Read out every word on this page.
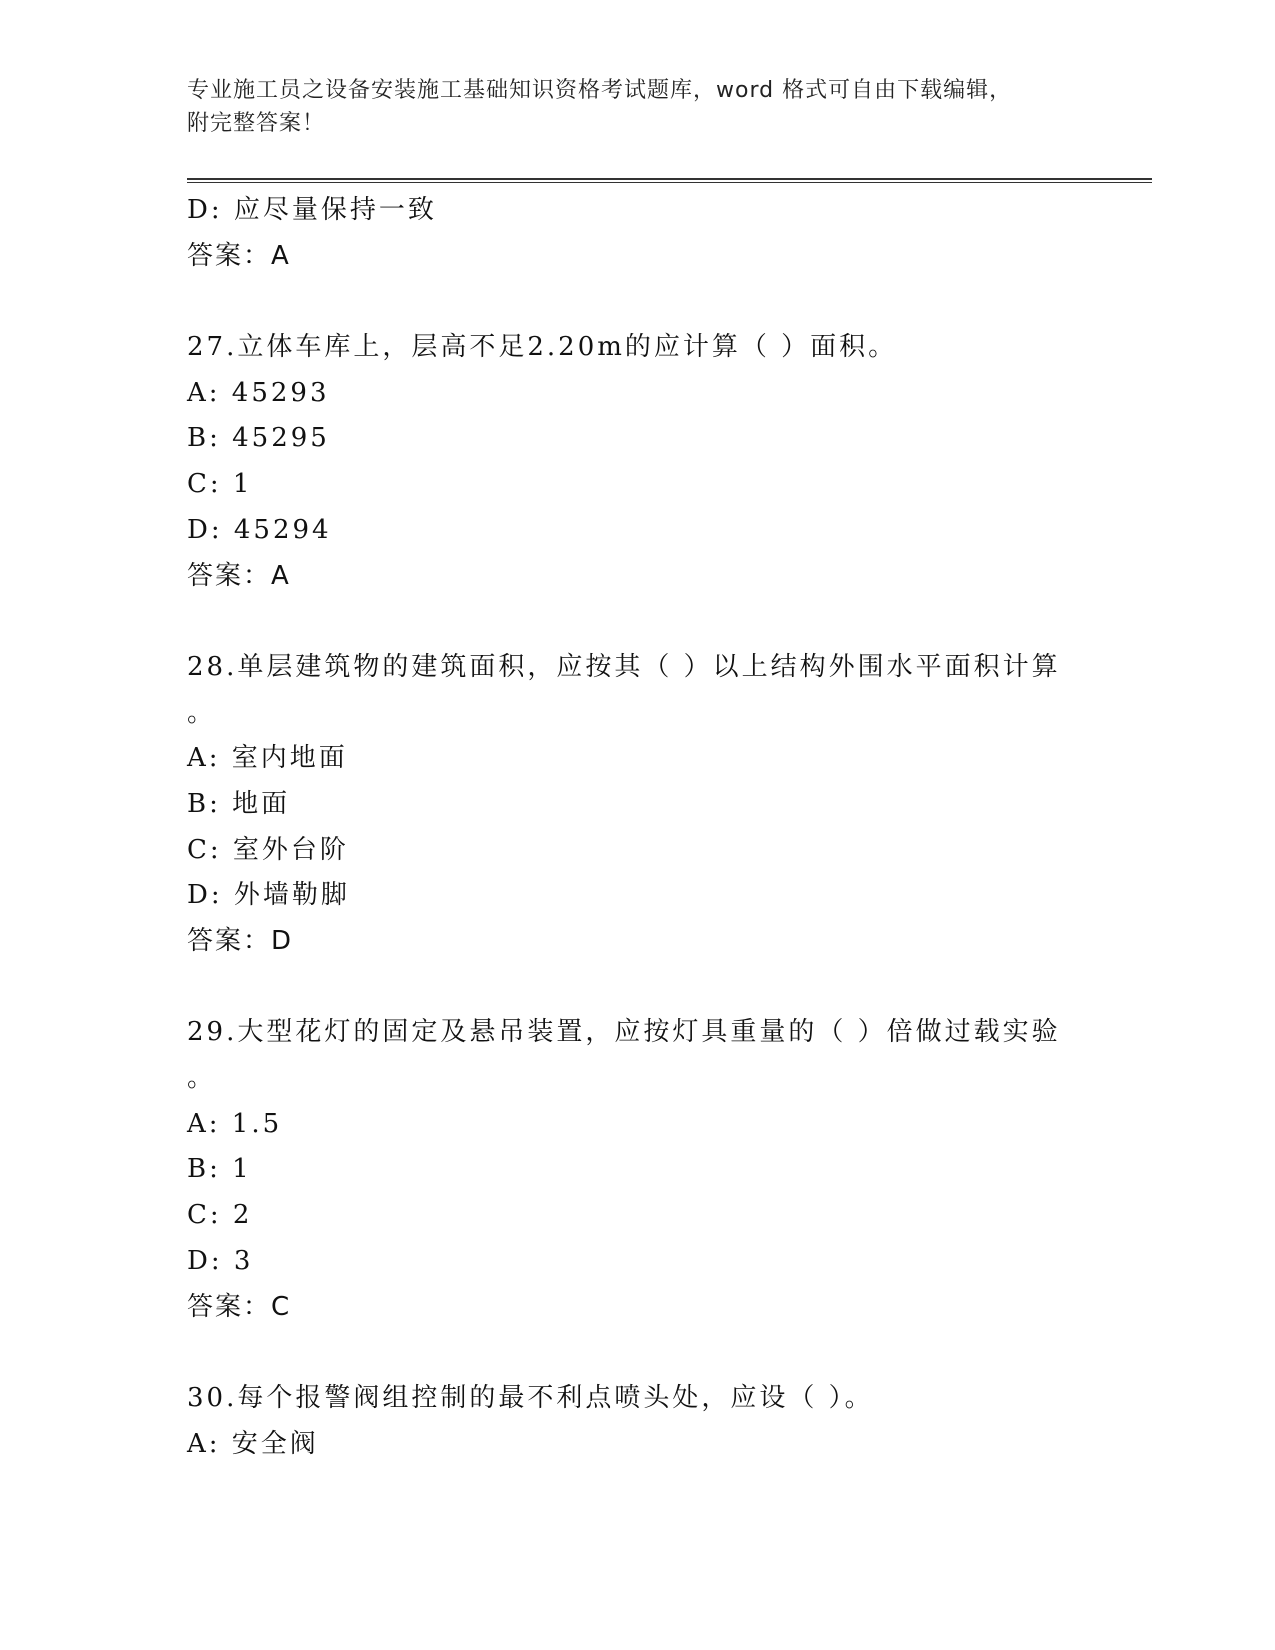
专业施工员之设备安装施工基础知识资格考试题库，word 格式可自由下载编辑，
附完整答案！
D: 应尽量保持一致
答案：A
27.立体车库上，层高不足2.20m的应计算（ ）面积。
A: 45293
B: 45295
C: 1
D: 45294
答案：A
28.单层建筑物的建筑面积，应按其（ ）以上结构外围水平面积计算
。
A: 室内地面
B: 地面
C: 室外台阶
D: 外墙勒脚
答案：D
29.大型花灯的固定及悬吊装置，应按灯具重量的（ ）倍做过载实验
。
A: 1.5
B: 1
C: 2
D: 3
答案：C
30.每个报警阀组控制的最不利点喷头处，应设（ ）。
A: 安全阀
